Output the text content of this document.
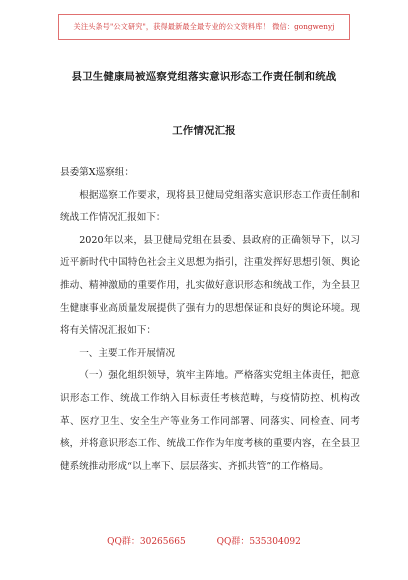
关注头条号"公文研究"，获得最新最全最专业的公文资料库！ 微信：gongwenyj
县卫生健康局被巡察党组落实意识形态工作责任制和统战
工作情况汇报

县委第X巡察组：

根据巡察工作要求，现将县卫健局党组落实意识形态工作责任制和统战工作情况汇报如下：

2020年以来，县卫健局党组在县委、县政府的正确领导下，以习近平新时代中国特色社会主义思想为指引，注重发挥好思想引领、舆论推动、精神激励的重要作用，扎实做好意识形态和统战工作，为全县卫生健康事业高质量发展提供了强有力的思想保证和良好的舆论环境。现将有关情况汇报如下：

一、主要工作开展情况

（一）强化组织领导，筑牢主阵地。严格落实党组主体责任，把意识形态工作、统战工作纳入目标责任考核范畴，与疫情防控、机构改革、医疗卫生、安全生产等业务工作同部署、同落实、同检查、同考核，并将意识形态工作、统战工作作为年度考核的重要内容，在全县卫健系统推动形成“以上率下、层层落实、齐抓共管”的工作格局。

QQ群：30265665	QQ群：535304092
